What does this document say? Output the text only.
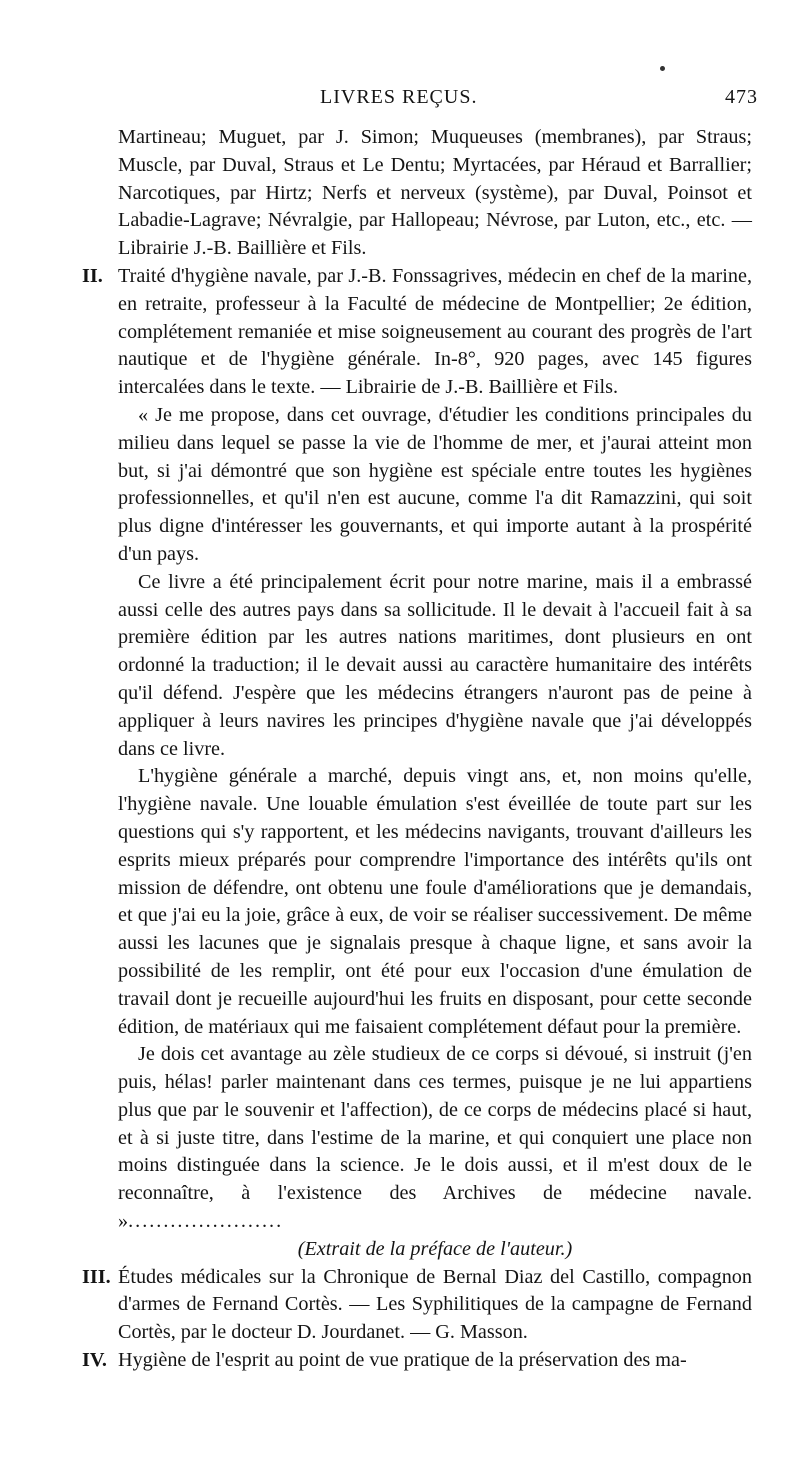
LIVRES REÇUS.	473

Martineau; Muguet, par J. Simon; Muqueuses (membranes), par Straus; Muscle, par Duval, Straus et Le Dentu; Myrtacées, par Héraud et Barrallier; Narcotiques, par Hirtz; Nerfs et nerveux (système), par Duval, Poinsot et Labadie-Lagrave; Névralgie, par Hallopeau; Névrose, par Luton, etc., etc. — Librairie J.-B. Baillière et Fils.

II. Traité d'hygiène navale, par J.-B. Fonssagrives, médecin en chef de la marine, en retraite, professeur à la Faculté de médecine de Montpellier; 2e édition, complétement remaniée et mise soigneusement au courant des progrès de l'art nautique et de l'hygiène générale. In-8°, 920 pages, avec 145 figures intercalées dans le texte. — Librairie de J.-B. Baillière et Fils.

« Je me propose, dans cet ouvrage, d'étudier les conditions principales du milieu dans lequel se passe la vie de l'homme de mer, et j'aurai atteint mon but, si j'ai démontré que son hygiène est spéciale entre toutes les hygiènes professionnelles, et qu'il n'en est aucune, comme l'a dit Ramazzini, qui soit plus digne d'intéresser les gouvernants, et qui importe autant à la prospérité d'un pays.

Ce livre a été principalement écrit pour notre marine, mais il a embrassé aussi celle des autres pays dans sa sollicitude. Il le devait à l'accueil fait à sa première édition par les autres nations maritimes, dont plusieurs en ont ordonné la traduction; il le devait aussi au caractère humanitaire des intérêts qu'il défend. J'espère que les médecins étrangers n'auront pas de peine à appliquer à leurs navires les principes d'hygiène navale que j'ai développés dans ce livre.

L'hygiène générale a marché, depuis vingt ans, et, non moins qu'elle, l'hygiène navale. Une louable émulation s'est éveillée de toute part sur les questions qui s'y rapportent, et les médecins navigants, trouvant d'ailleurs les esprits mieux préparés pour comprendre l'importance des intérêts qu'ils ont mission de défendre, ont obtenu une foule d'améliorations que je demandais, et que j'ai eu la joie, grâce à eux, de voir se réaliser successivement. De même aussi les lacunes que je signalais presque à chaque ligne, et sans avoir la possibilité de les remplir, ont été pour eux l'occasion d'une émulation de travail dont je recueille aujourd'hui les fruits en disposant, pour cette seconde édition, de matériaux qui me faisaient complétement défaut pour la première.

Je dois cet avantage au zèle studieux de ce corps si dévoué, si instruit (j'en puis, hélas! parler maintenant dans ces termes, puisque je ne lui appartiens plus que par le souvenir et l'affection), de ce corps de médecins placé si haut, et à si juste titre, dans l'estime de la marine, et qui conquiert une place non moins distinguée dans la science. Je le dois aussi, et il m'est doux de le reconnaître, à l'existence des Archives de médecine navale. »......................

(Extrait de la préface de l'auteur.)

III. Études médicales sur la Chronique de Bernal Diaz del Castillo, compagnon d'armes de Fernand Cortès. — Les Syphilitiques de la campagne de Fernand Cortès, par le docteur D. Jourdanet. — G. Masson.

IV. Hygiène de l'esprit au point de vue pratique de la préservation des ma-
